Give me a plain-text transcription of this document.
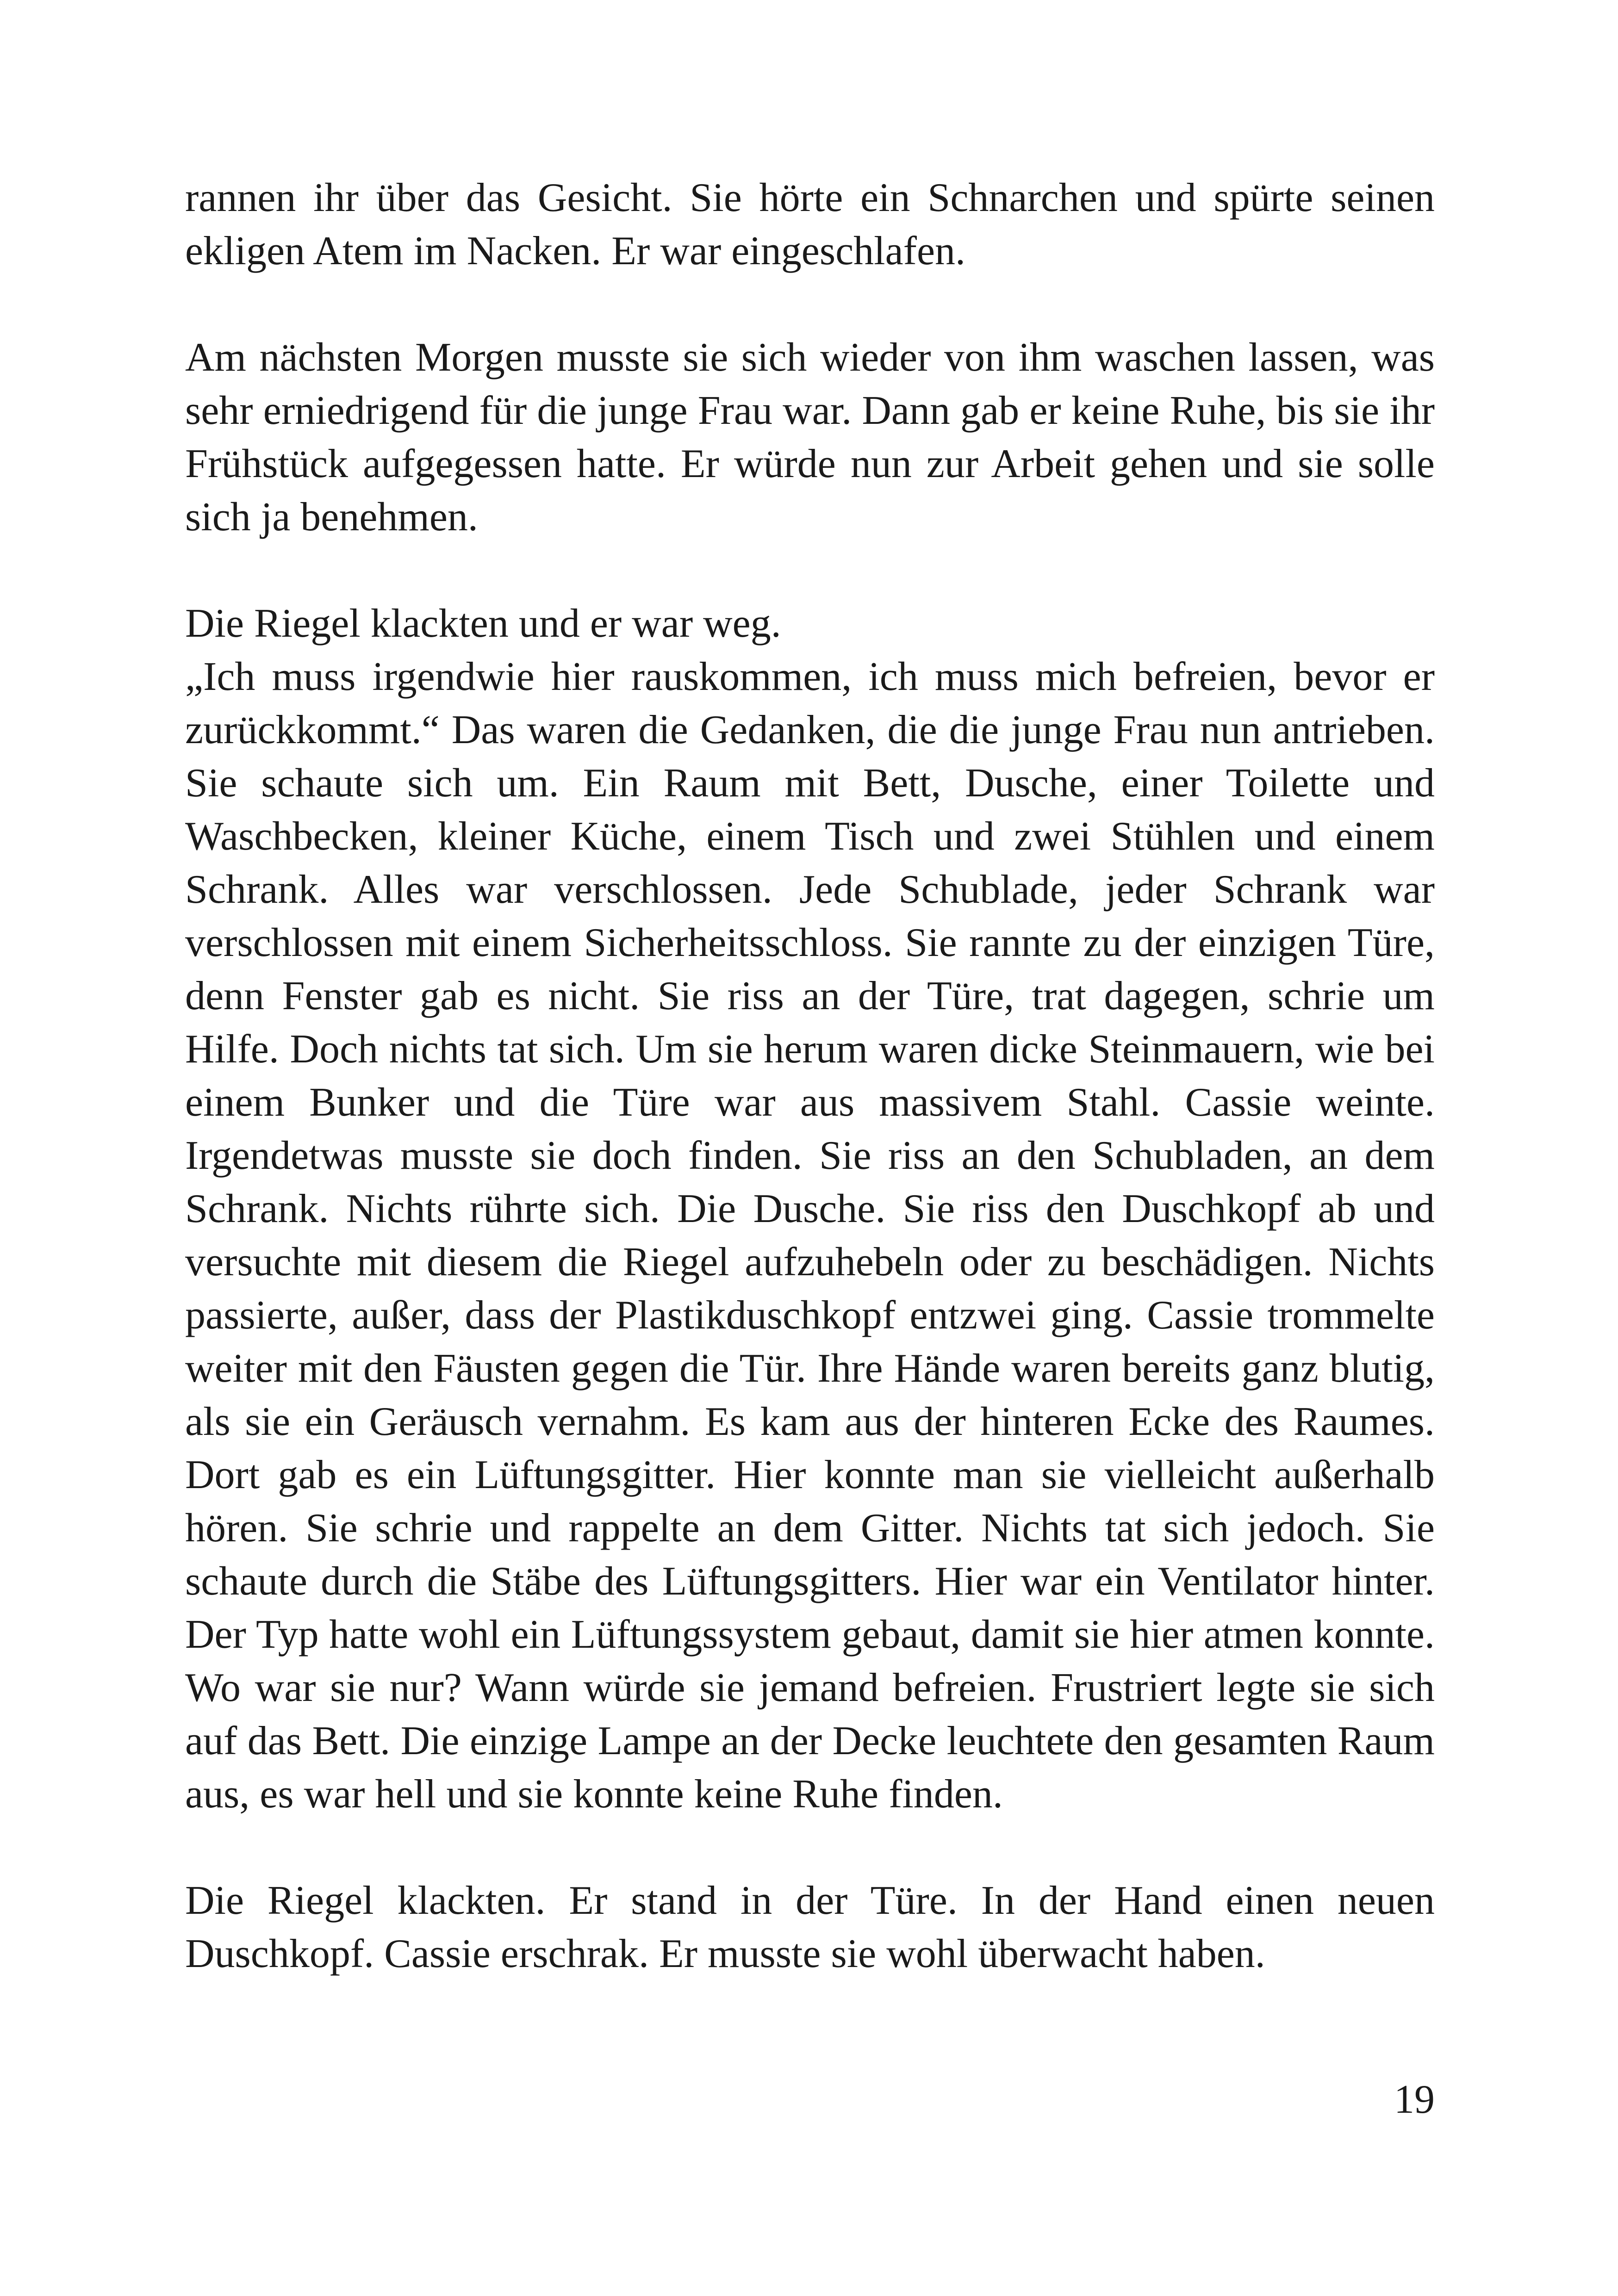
rannen ihr über das Gesicht. Sie hörte ein Schnarchen und spürte seinen ekligen Atem im Nacken. Er war eingeschlafen.

Am nächsten Morgen musste sie sich wieder von ihm waschen lassen, was sehr erniedrigend für die junge Frau war. Dann gab er keine Ruhe, bis sie ihr Frühstück aufgegessen hatte. Er würde nun zur Arbeit gehen und sie solle sich ja benehmen.

Die Riegel klackten und er war weg.

„Ich muss irgendwie hier rauskommen, ich muss mich befreien, bevor er zurückkommt.“ Das waren die Gedanken, die die junge Frau nun antrieben. Sie schaute sich um. Ein Raum mit Bett, Dusche, einer Toilette und Waschbecken, kleiner Küche, einem Tisch und zwei Stühlen und einem Schrank. Alles war verschlossen. Jede Schublade, jeder Schrank war verschlossen mit einem Sicherheitsschloss. Sie rannte zu der einzigen Türe, denn Fenster gab es nicht. Sie riss an der Türe, trat dagegen, schrie um Hilfe. Doch nichts tat sich. Um sie herum waren dicke Steinmauern, wie bei einem Bunker und die Türe war aus massivem Stahl. Cassie weinte. Irgendetwas musste sie doch finden. Sie riss an den Schubladen, an dem Schrank. Nichts rührte sich. Die Dusche. Sie riss den Duschkopf ab und versuchte mit diesem die Riegel aufzuhebeln oder zu beschädigen. Nichts passierte, außer, dass der Plastikduschkopf entzwei ging. Cassie trommelte weiter mit den Fäusten gegen die Tür. Ihre Hände waren bereits ganz blutig, als sie ein Geräusch vernahm. Es kam aus der hinteren Ecke des Raumes. Dort gab es ein Lüftungsgitter. Hier konnte man sie vielleicht außerhalb hören. Sie schrie und rappelte an dem Gitter. Nichts tat sich jedoch. Sie schaute durch die Stäbe des Lüftungsgitters. Hier war ein Ventilator hinter. Der Typ hatte wohl ein Lüftungssystem gebaut, damit sie hier atmen konnte. Wo war sie nur? Wann würde sie jemand befreien. Frustriert legte sie sich auf das Bett. Die einzige Lampe an der Decke leuchtete den gesamten Raum aus, es war hell und sie konnte keine Ruhe finden.

Die Riegel klackten. Er stand in der Türe. In der Hand einen neuen Duschkopf. Cassie erschrak. Er musste sie wohl überwacht haben.

19
